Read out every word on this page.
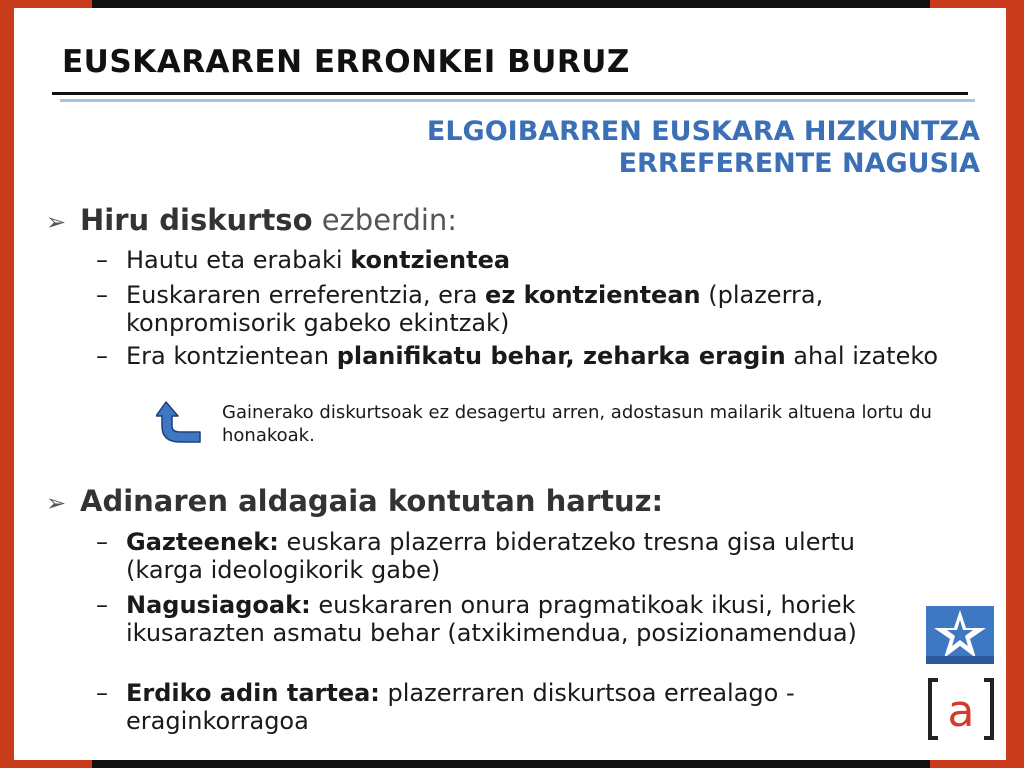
EUSKARAREN ERRONKEI BURUZ
ELGOIBARREN EUSKARA HIZKUNTZA
ERREFERENTE NAGUSIA
➢ Hiru diskurtso ezberdin:
– Hautu eta erabaki kontzientea
– Euskararen erreferentzia, era ez kontzientean (plazerra, konpromisorik gabeko ekintzak)
– Era kontzientean planifikatu behar, zeharka eragin ahal izateko
Gainerako diskurtsoak ez desagertu arren, adostasun mailarik altuena lortu du honakoak.
➢ Adinaren aldagaia kontutan hartuz:
– Gazteenek: euskara plazerra bideratzeko tresna gisa ulertu (karga ideologikorik gabe)
– Nagusiagoak: euskararen onura pragmatikoak ikusi, horiek ikusarazten asmatu behar (atxikimendua, posizionamendua)
– Erdiko adin tartea: plazerraren diskurtsoa errealago - eraginkorragoa	a
